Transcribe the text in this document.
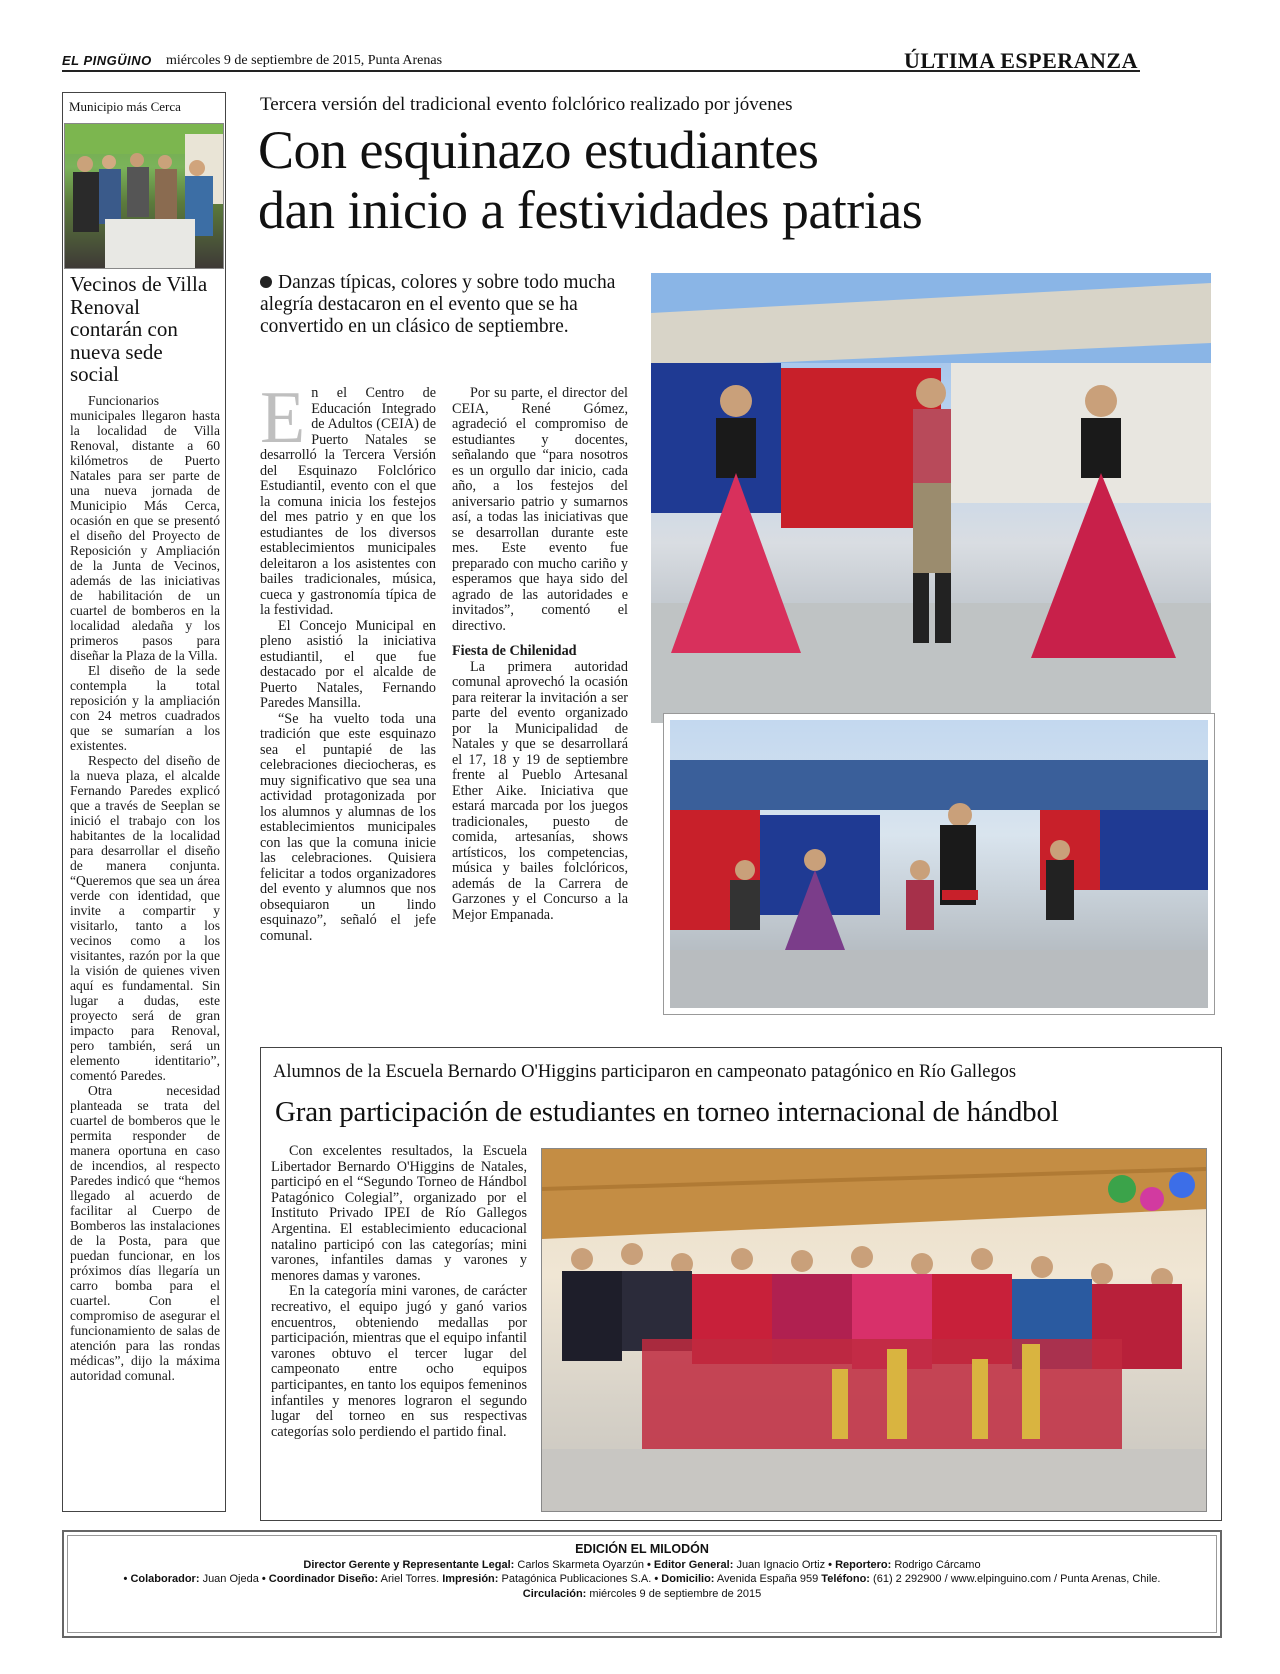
EL PINGÜINO miércoles 9 de septiembre de 2015, Punta Arenas	ÚLTIMA ESPERANZA
Municipio más Cerca
Vecinos de Villa Renoval contarán con nueva sede social

Funcionarios municipales llegaron hasta la localidad de Villa Renoval, distante a 60 kilómetros de Puerto Natales para ser parte de una nueva jornada de Municipio Más Cerca, ocasión en que se presentó el diseño del Proyecto de Reposición y Ampliación de la Junta de Vecinos, además de las iniciativas de habilitación de un cuartel de bomberos en la localidad aledaña y los primeros pasos para diseñar la Plaza de la Villa.

El diseño de la sede contempla la total reposición y la ampliación con 24 metros cuadrados que se sumarían a los existentes.

Respecto del diseño de la nueva plaza, el alcalde Fernando Paredes explicó que a través de Seeplan se inició el trabajo con los habitantes de la localidad para desarrollar el diseño de manera conjunta. “Queremos que sea un área verde con identidad, que invite a compartir y visitarlo, tanto a los vecinos como a los visitantes, razón por la que la visión de quienes viven aquí es fundamental. Sin lugar a dudas, este proyecto será de gran impacto para Renoval, pero también, será un elemento identitario”, comentó Paredes.

Otra necesidad planteada se trata del cuartel de bomberos que le permita responder de manera oportuna en caso de incendios, al respecto Paredes indicó que “hemos llegado al acuerdo de facilitar al Cuerpo de Bomberos las instalaciones de la Posta, para que puedan funcionar, en los próximos días llegaría un carro bomba para el cuartel. Con el compromiso de asegurar el funcionamiento de salas de atención para las rondas médicas”, dijo la máxima autoridad comunal.

Tercera versión del tradicional evento folclórico realizado por jóvenes
Con esquinazo estudiantes
dan inicio a festividades patrias
Danzas típicas, colores y sobre todo mucha alegría destacaron en el evento que se ha convertido en un clásico de septiembre.
E n el Centro de Educación Integrado de Adultos (CEIA) de Puerto Natales se desarrolló la Tercera Versión del Esquinazo Folclórico Estudiantil, evento con el que la comuna inicia los festejos del mes patrio y en que los estudiantes de los diversos establecimientos municipales deleitaron a los asistentes con bailes tradicionales, música, cueca y gastronomía típica de la festividad.

El Concejo Municipal en pleno asistió la iniciativa estudiantil, el que fue destacado por el alcalde de Puerto Natales, Fernando Paredes Mansilla.

“Se ha vuelto toda una tradición que este esquinazo sea el puntapié de las celebraciones dieciocheras, es muy significativo que sea una actividad protagonizada por los alumnos y alumnas de los establecimientos municipales con las que la comuna inicie las celebraciones. Quisiera felicitar a todos organizadores del evento y alumnos que nos obsequiaron un lindo esquinazo”, señaló el jefe comunal.

Por su parte, el director del CEIA, René Gómez, agradeció el compromiso de estudiantes y docentes, señalando que “para nosotros es un orgullo dar inicio, cada año, a los festejos del aniversario patrio y sumarnos así, a todas las iniciativas que se desarrollan durante este mes. Este evento fue preparado con mucho cariño y esperamos que haya sido del agrado de las autoridades e invitados”, comentó el directivo.

Fiesta de Chilenidad

La primera autoridad comunal aprovechó la ocasión para reiterar la invitación a ser parte del evento organizado por la Municipalidad de Natales y que se desarrollará el 17, 18 y 19 de septiembre frente al Pueblo Artesanal Ether Aike. Iniciativa que estará marcada por los juegos tradicionales, puesto de comida, artesanías, shows artísticos, los competencias, música y bailes folclóricos, además de la Carrera de Garzones y el Concurso a la Mejor Empanada.

Alumnos de la Escuela Bernardo O'Higgins participaron en campeonato patagónico en Río Gallegos
Gran participación de estudiantes en torneo internacional de hándbol

Con excelentes resultados, la Escuela Libertador Bernardo O'Higgins de Natales, participó en el “Segundo Torneo de Hándbol Patagónico Colegial”, organizado por el Instituto Privado IPEI de Río Gallegos Argentina. El establecimiento educacional natalino participó con las categorías; mini varones, infantiles damas y varones y menores damas y varones.

En la categoría mini varones, de carácter recreativo, el equipo jugó y ganó varios encuentros, obteniendo medallas por participación, mientras que el equipo infantil varones obtuvo el tercer lugar del campeonato entre ocho equipos participantes, en tanto los equipos femeninos infantiles y menores lograron el segundo lugar del torneo en sus respectivas categorías solo perdiendo el partido final.

EDICIÓN EL MILODÓN
Director Gerente y Representante Legal: Carlos Skarmeta Oyarzún • Editor General: Juan Ignacio Ortiz • Reportero: Rodrigo Cárcamo
• Colaborador: Juan Ojeda • Coordinador Diseño: Ariel Torres. Impresión: Patagónica Publicaciones S.A. • Domicilio: Avenida España 959 Teléfono: (61) 2 292900 / www.elpinguino.com / Punta Arenas, Chile.
Circulación: miércoles 9 de septiembre de 2015
